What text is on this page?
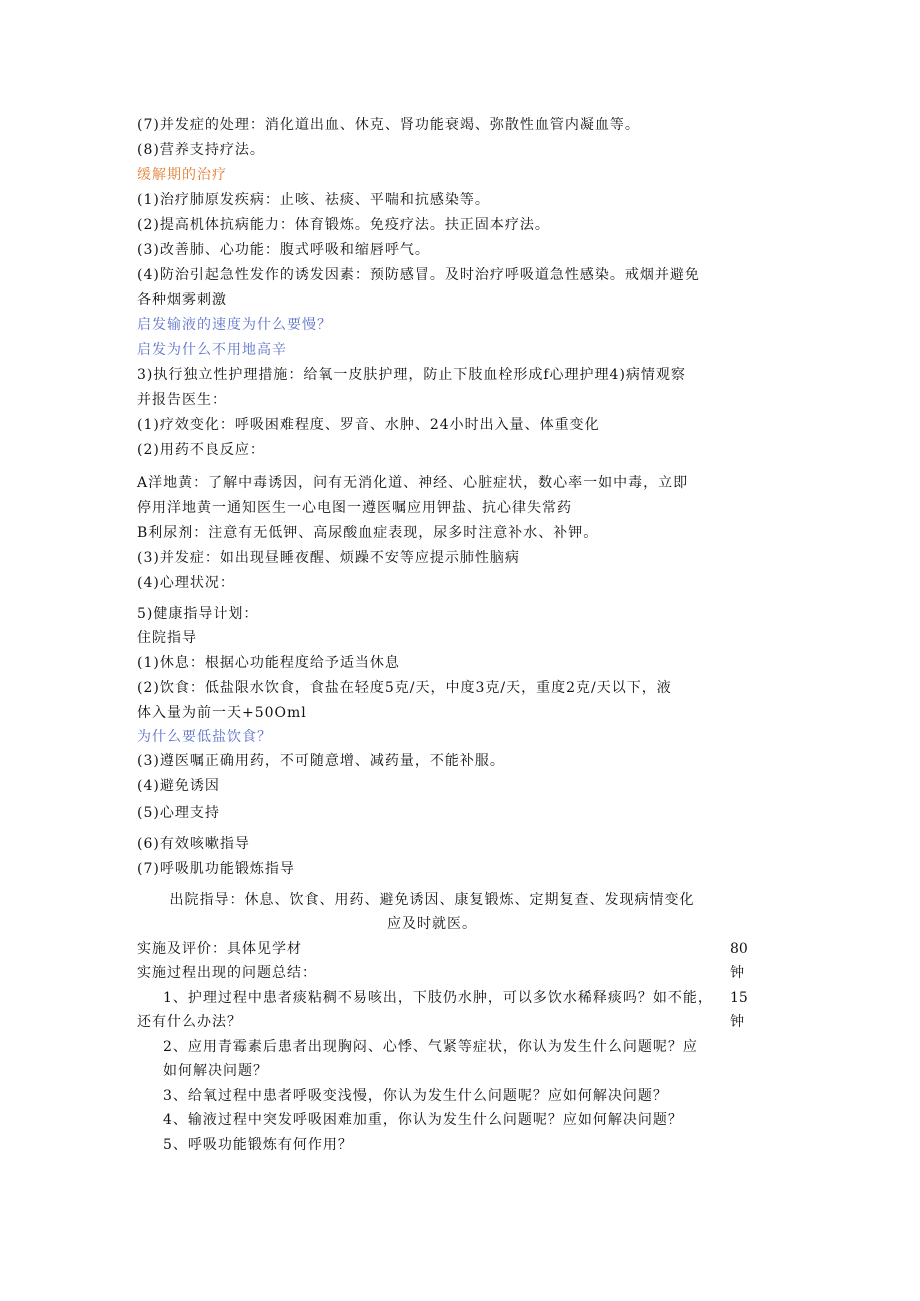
(7)并发症的处理：消化道出血、休克、肾功能衰竭、弥散性血管内凝血等。
(8)营养支持疗法。
缓解期的治疗
(1)治疗肺原发疾病：止咳、祛痰、平喘和抗感染等。
(2)提高机体抗病能力：体育锻炼。免疫疗法。扶正固本疗法。
(3)改善肺、心功能：腹式呼吸和缩唇呼气。
(4)防治引起急性发作的诱发因素：预防感冒。及时治疗呼吸道急性感染。戒烟并避免
各种烟雾刺激
启发输液的速度为什么要慢？
启发为什么不用地高辛
3)执行独立性护理措施：给氧一皮肤护理，防止下肢血栓形成f心理护理4)病情观察
并报告医生：
(1)疗效变化：呼吸困难程度、罗音、水肿、24小时出入量、体重变化
(2)用药不良反应：
A洋地黄：了解中毒诱因，问有无消化道、神经、心脏症状，数心率一如中毒，立即
停用洋地黄一通知医生一心电图一遵医嘱应用钾盐、抗心律失常药
B利尿剂：注意有无低钾、高尿酸血症表现，尿多时注意补水、补钾。
(3)并发症：如出现昼睡夜醒、烦躁不安等应提示肺性脑病
(4)心理状况：
5)健康指导计划：
住院指导
(1)休息：根据心功能程度给予适当休息
(2)饮食：低盐限水饮食，食盐在轻度5克/天，中度3克/天，重度2克/天以下，液
体入量为前一天+50Oml
为什么要低盐饮食？
(3)遵医嘱正确用药，不可随意增、减药量，不能补服。
(4)避免诱因
(5)心理支持
(6)有效咳嗽指导
(7)呼吸肌功能锻炼指导
出院指导：休息、饮食、用药、避免诱因、康复锻炼、定期复查、发现病情变化
应及时就医。
实施及评价：具体见学材
实施过程出现的问题总结：
1、护理过程中患者痰粘稠不易咳出，下肢仍水肿，可以多饮水稀释痰吗？如不能，
还有什么办法？
2、应用青霉素后患者出现胸闷、心悸、气紧等症状，你认为发生什么问题呢？应
如何解决问题？
3、给氧过程中患者呼吸变浅慢，你认为发生什么问题呢？应如何解决问题？
4、输液过程中突发呼吸困难加重，你认为发生什么问题呢？应如何解决问题？
5、呼吸功能锻炼有何作用？
80
钟
15
钟
